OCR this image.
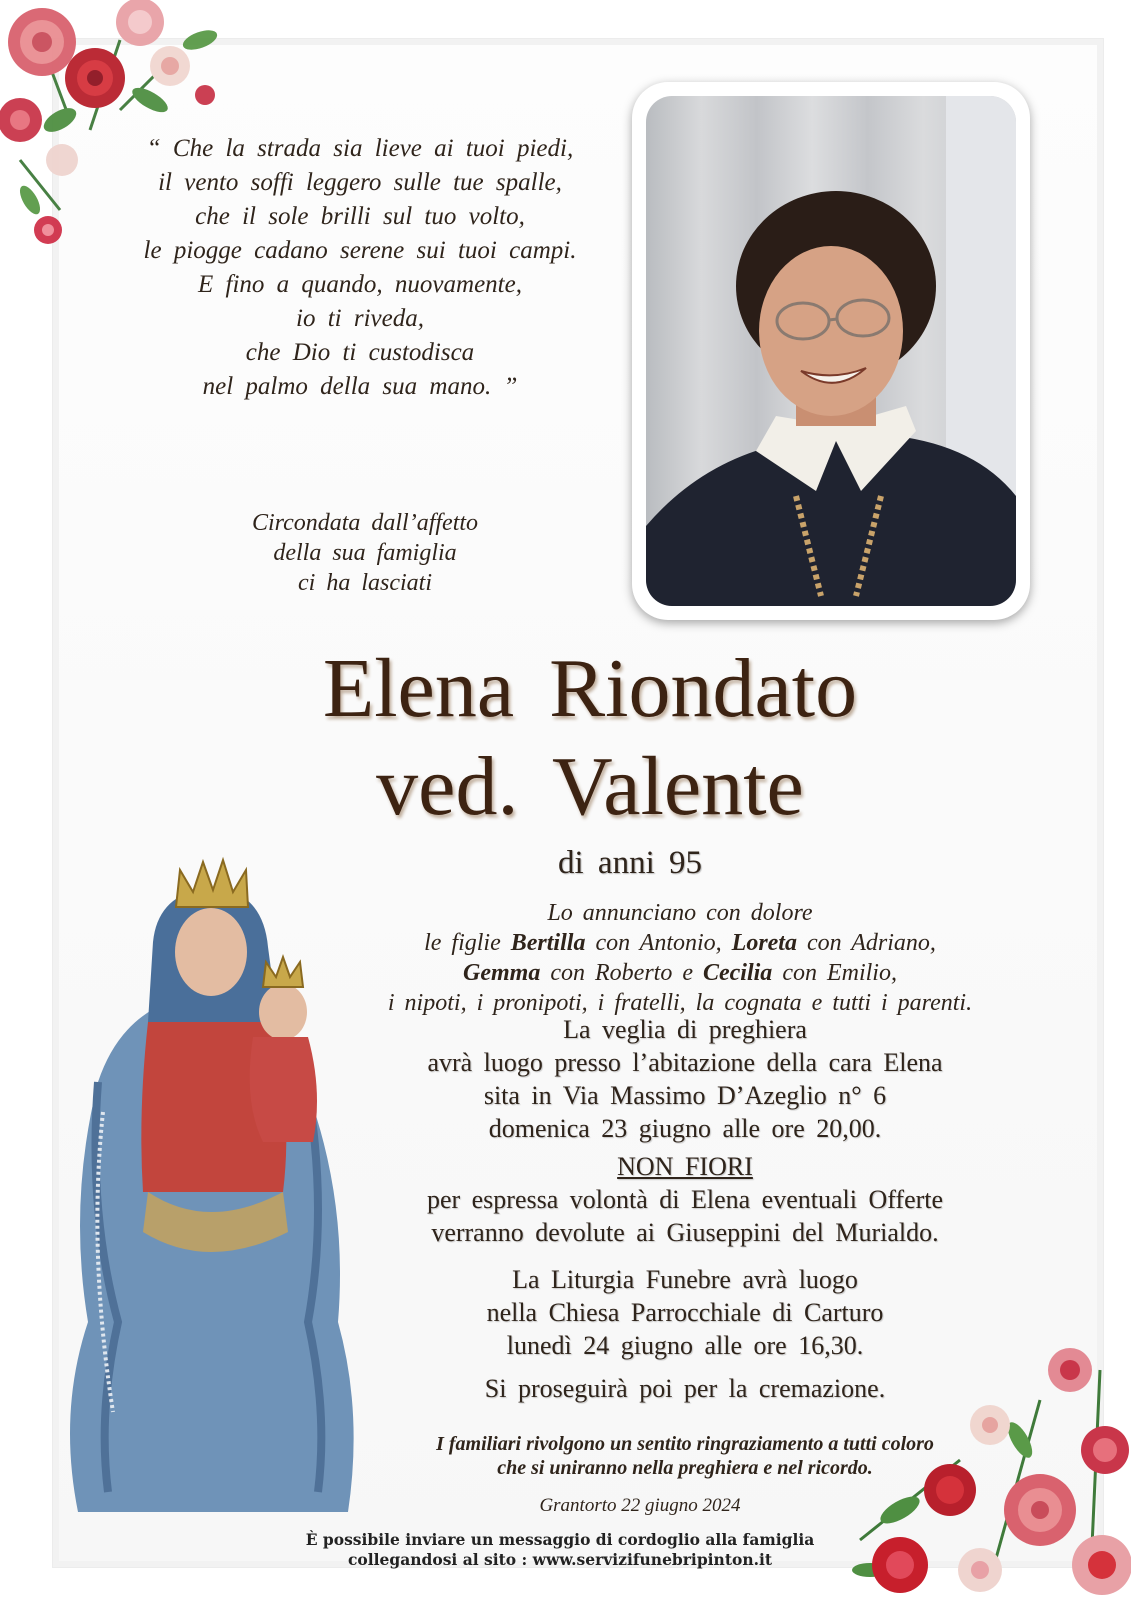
“ Che la strada sia lieve ai tuoi piedi,
il vento soffi leggero sulle tue spalle,
che il sole brilli sul tuo volto,
le piogge cadano serene sui tuoi campi.
E fino a quando, nuovamente,
io ti riveda,
che Dio ti custodisca
nel palmo della sua mano. ”
Circondata dall’affetto
della sua famiglia
ci ha lasciati
Elena Riondato
ved. Valente
di anni 95
Lo annunciano con dolore
le figlie Bertilla con Antonio, Loreta con Adriano,
Gemma con Roberto e Cecilia con Emilio,
i nipoti, i pronipoti, i fratelli, la cognata e tutti i parenti.
La veglia di preghiera
avrà luogo presso l’abitazione della cara Elena
sita in Via Massimo D’Azeglio n° 6
domenica 23 giugno alle ore 20,00.
NON FIORI
per espressa volontà di Elena eventuali Offerte
verranno devolute ai Giuseppini del Murialdo.
La Liturgia Funebre avrà luogo
nella Chiesa Parrocchiale di Carturo
lunedì 24 giugno alle ore 16,30.
Si proseguirà poi per la cremazione.
I familiari rivolgono un sentito ringraziamento a tutti coloro
che si uniranno nella preghiera e nel ricordo.
Grantorto 22 giugno 2024
È possibile inviare un messaggio di cordoglio alla famiglia
collegandosi al sito : www.servizifunebripinton.it
